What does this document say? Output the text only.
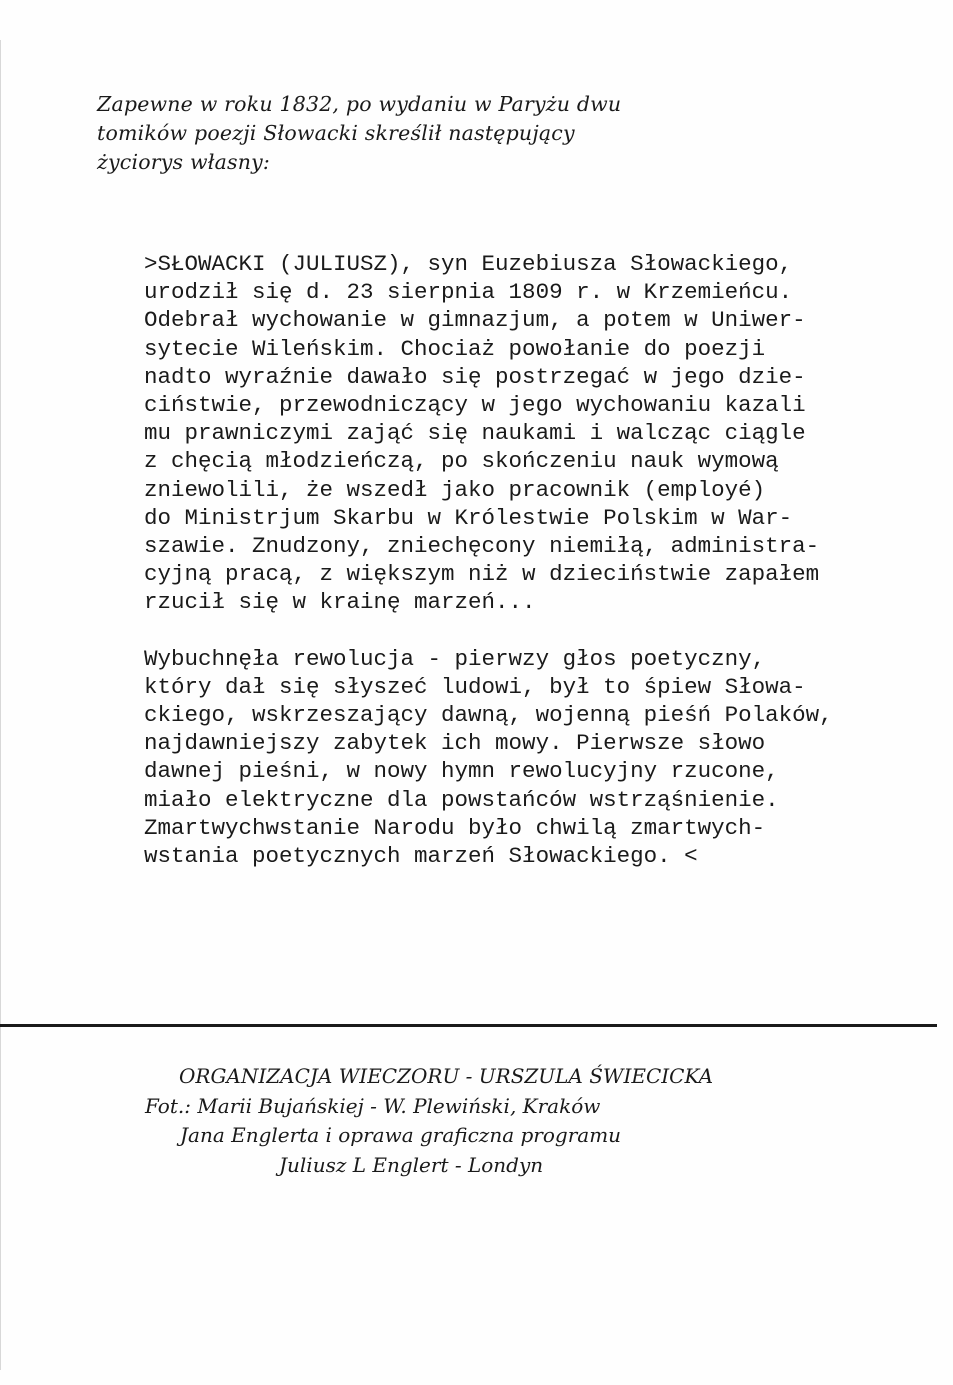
Zapewne w roku 1832, po wydaniu w Paryżu dwu
tomików poezji Słowacki skreślił następujący
życiorys własny:
>SŁOWACKI (JULIUSZ), syn Euzebiusza Słowackiego,
urodził się d. 23 sierpnia 1809 r. w Krzemieńcu.
Odebrał wychowanie w gimnazjum, a potem w Uniwer-
sytecie Wileńskim. Chociaż powołanie do poezji
nadto wyraźnie dawało się postrzegać w jego dzie-
ciństwie, przewodniczący w jego wychowaniu kazali
mu prawniczymi zająć się naukami i walcząc ciągle
z chęcią młodzieńczą, po skończeniu nauk wymową
zniewolili, że wszedł jako pracownik (employé)
do Ministrjum Skarbu w Królestwie Polskim w War-
szawie. Znudzony, zniechęcony niemiłą, administra-
cyjną pracą, z większym niż w dzieciństwie zapałem
rzucił się w krainę marzeń...
Wybuchnęła rewolucja - pierwzy głos poetyczny,
który dał się słyszeć ludowi, był to śpiew Słowa-
ckiego, wskrzeszający dawną, wojenną pieśń Polaków,
najdawniejszy zabytek ich mowy. Pierwsze słowo
dawnej pieśni, w nowy hymn rewolucyjny rzucone,
miało elektryczne dla powstańców wstrząśnienie.
Zmartwychwstanie Narodu było chwilą zmartwych-
wstania poetycznych marzeń Słowackiego. <
ORGANIZACJA WIECZORU - URSZULA ŚWIECICKA
Fot.: Marii Bujańskiej - W. Plewiński, Kraków
Jana Englerta i oprawa graficzna programu
Juliusz L Englert - Londyn
